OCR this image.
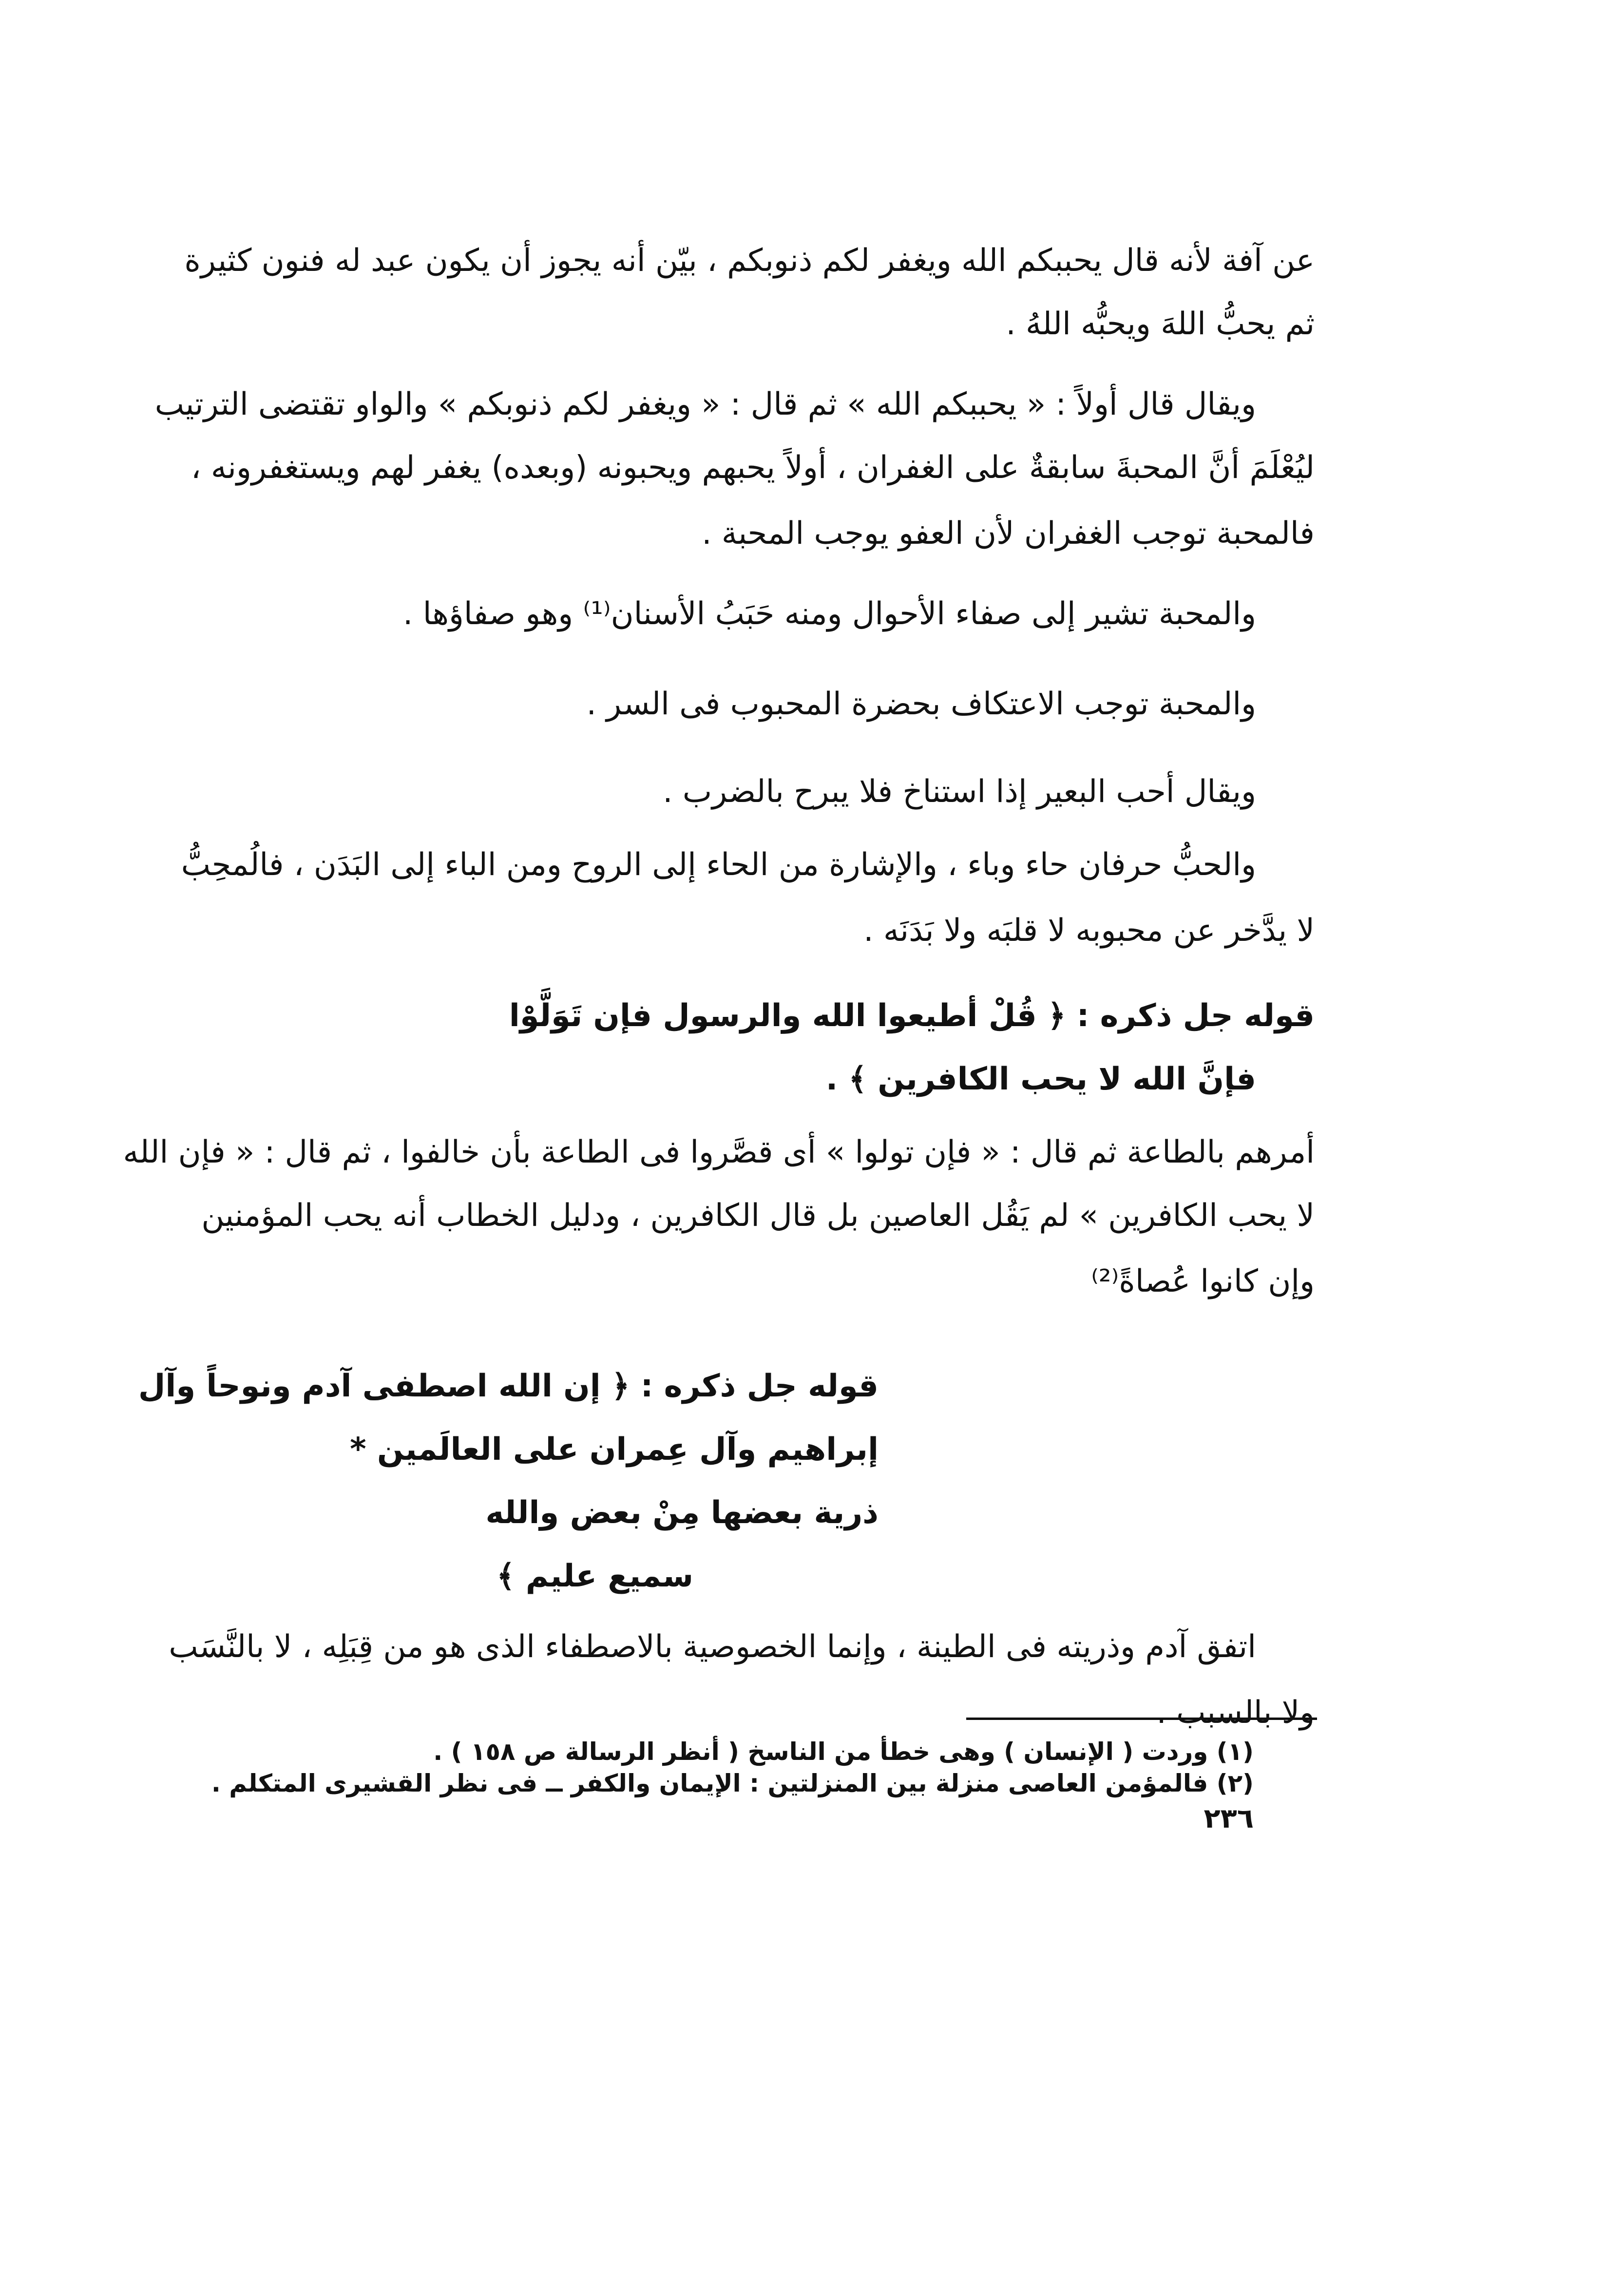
عن آفة لأنه قال يحببكم الله ويغفر لكم ذنوبكم ، بيّن أنه يجوز أن يكون عبد له فنون كثيرة
ثم يحبُّ اللهَ ويحبُّه اللهُ .
ويقال قال أولاً : « يحببكم الله » ثم قال : « ويغفر لكم ذنوبكم » والواو تقتضى الترتيب
ليُعْلَمَ أنَّ المحبةَ سابقةٌ على الغفران ، أولاً يحبهم ويحبونه (وبعده) يغفر لهم ويستغفرونه ،
فالمحبة توجب الغفران لأن العفو يوجب المحبة .
والمحبة تشير إلى صفاء الأحوال ومنه حَبَبُ الأسنان⁽¹⁾ وهو صفاؤها .
والمحبة توجب الاعتكاف بحضرة المحبوب فى السر .
ويقال أحب البعير إذا استناخ فلا يبرح بالضرب .
والحبُّ حرفان حاء وباء ، والإشارة من الحاء إلى الروح ومن الباء إلى البَدَن ، فالُمحِبُّ
لا يدَّخر عن محبوبه لا قلبَه ولا بَدَنَه .
قوله جل ذكره : ﴿ قُلْ أطيعوا الله والرسول فإن تَوَلَّوْا
فإنَّ الله لا يحب الكافرين ﴾ .
أمرهم بالطاعة ثم قال : « فإن تولوا » أى قصَّروا فى الطاعة بأن خالفوا ، ثم قال : « فإن الله
لا يحب الكافرين » لم يَقُل العاصين بل قال الكافرين ، ودليل الخطاب أنه يحب المؤمنين
وإن كانوا عُصاةً⁽²⁾
قوله جل ذكره : ﴿ إن الله اصطفى آدم ونوحاً وآل
إبراهيم وآل عِمران على العالَمين *
ذرية بعضها مِنْ بعض والله
سميع عليم ﴾
اتفق آدم وذريته فى الطينة ، وإنما الخصوصية بالاصطفاء الذى هو من قِبَلِه ، لا بالنَّسَب
ولا بالسبب .
(١) وردت ( الإنسان ) وهى خطأ من الناسخ ( أنظر الرسالة ص ١٥٨ ) .
(٢) فالمؤمن العاصى منزلة بين المنزلتين : الإيمان والكفر ــ فى نظر القشيرى المتكلم .
٢٣٦
